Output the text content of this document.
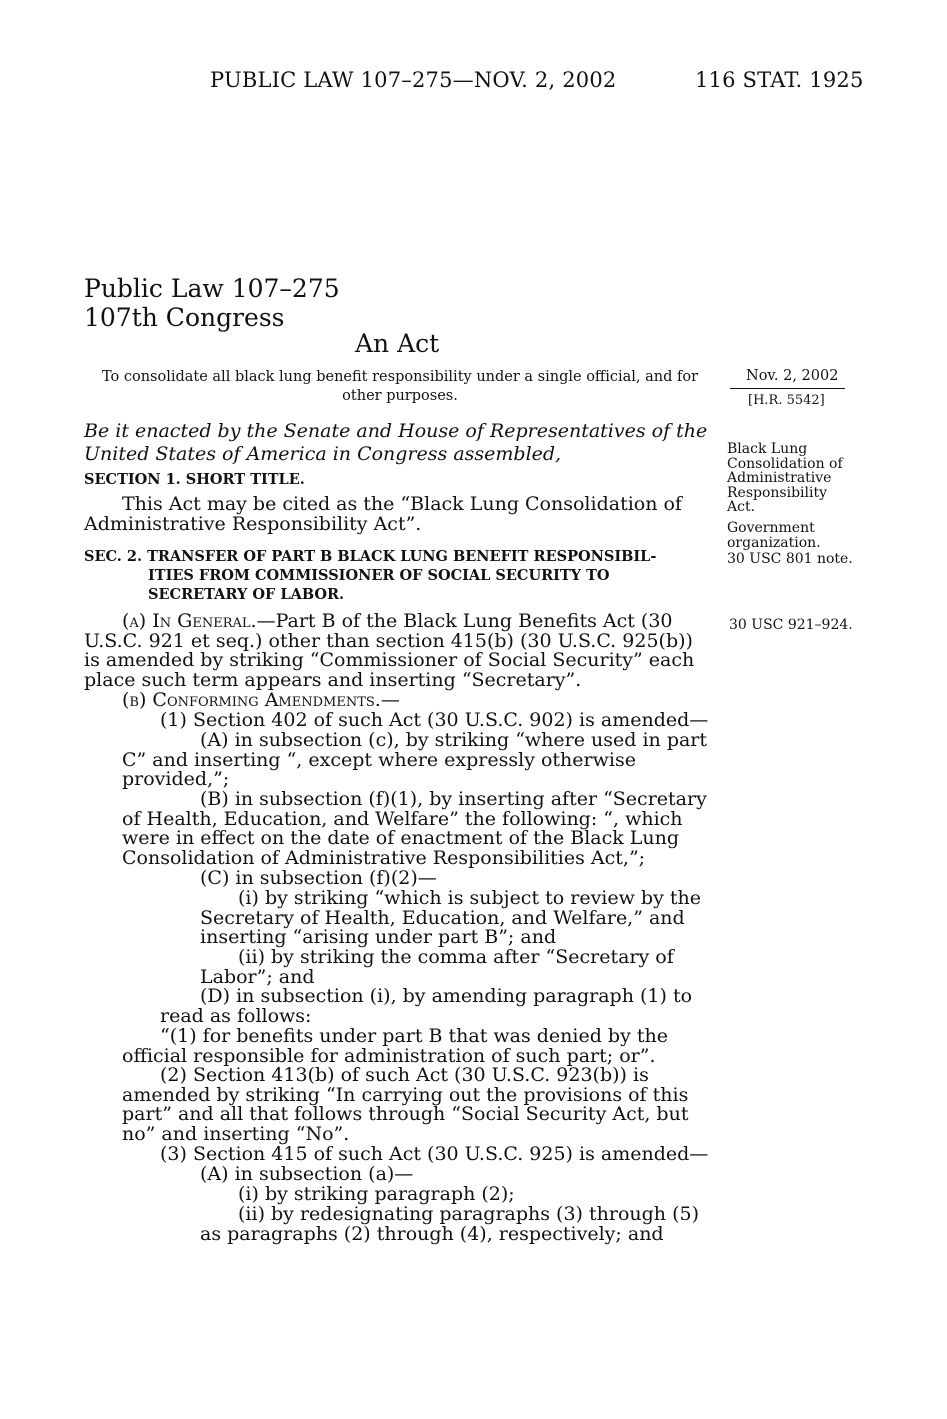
PUBLIC LAW 107–275—NOV. 2, 2002	116 STAT. 1925
Public Law 107–275
107th Congress
An Act
To consolidate all black lung benefit responsibility under a single official, and for other purposes.
Nov. 2, 2002
[H.R. 5542]
Black Lung Consolidation of Administrative Responsibility Act.
Government organization.
30 USC 801 note.
30 USC 921–924.
Be it enacted by the Senate and House of Representatives of the United States of America in Congress assembled,
SECTION 1. SHORT TITLE.
This Act may be cited as the “Black Lung Consolidation of Administrative Responsibility Act”.
SEC. 2. TRANSFER OF PART B BLACK LUNG BENEFIT RESPONSIBIL-
ITIES FROM COMMISSIONER OF SOCIAL SECURITY TO
SECRETARY OF LABOR.
(a) In General.—Part B of the Black Lung Benefits Act (30 U.S.C. 921 et seq.) other than section 415(b) (30 U.S.C. 925(b)) is amended by striking “Commissioner of Social Security” each place such term appears and inserting “Secretary”.
(b) Conforming Amendments.—
(1) Section 402 of such Act (30 U.S.C. 902) is amended—
(A) in subsection (c), by striking “where used in part C” and inserting “, except where expressly otherwise provided,”;
(B) in subsection (f)(1), by inserting after “Secretary of Health, Education, and Welfare” the following: “, which were in effect on the date of enactment of the Black Lung Consolidation of Administrative Responsibilities Act,”;
(C) in subsection (f)(2)—
(i) by striking “which is subject to review by the Secretary of Health, Education, and Welfare,” and inserting “arising under part B”; and
(ii) by striking the comma after “Secretary of Labor”; and
(D) in subsection (i), by amending paragraph (1) to read as follows:
“(1) for benefits under part B that was denied by the official responsible for administration of such part; or”.
(2) Section 413(b) of such Act (30 U.S.C. 923(b)) is amended by striking “In carrying out the provisions of this part” and all that follows through “Social Security Act, but no” and inserting “No”.
(3) Section 415 of such Act (30 U.S.C. 925) is amended—
(A) in subsection (a)—
(i) by striking paragraph (2);
(ii) by redesignating paragraphs (3) through (5) as paragraphs (2) through (4), respectively; and
